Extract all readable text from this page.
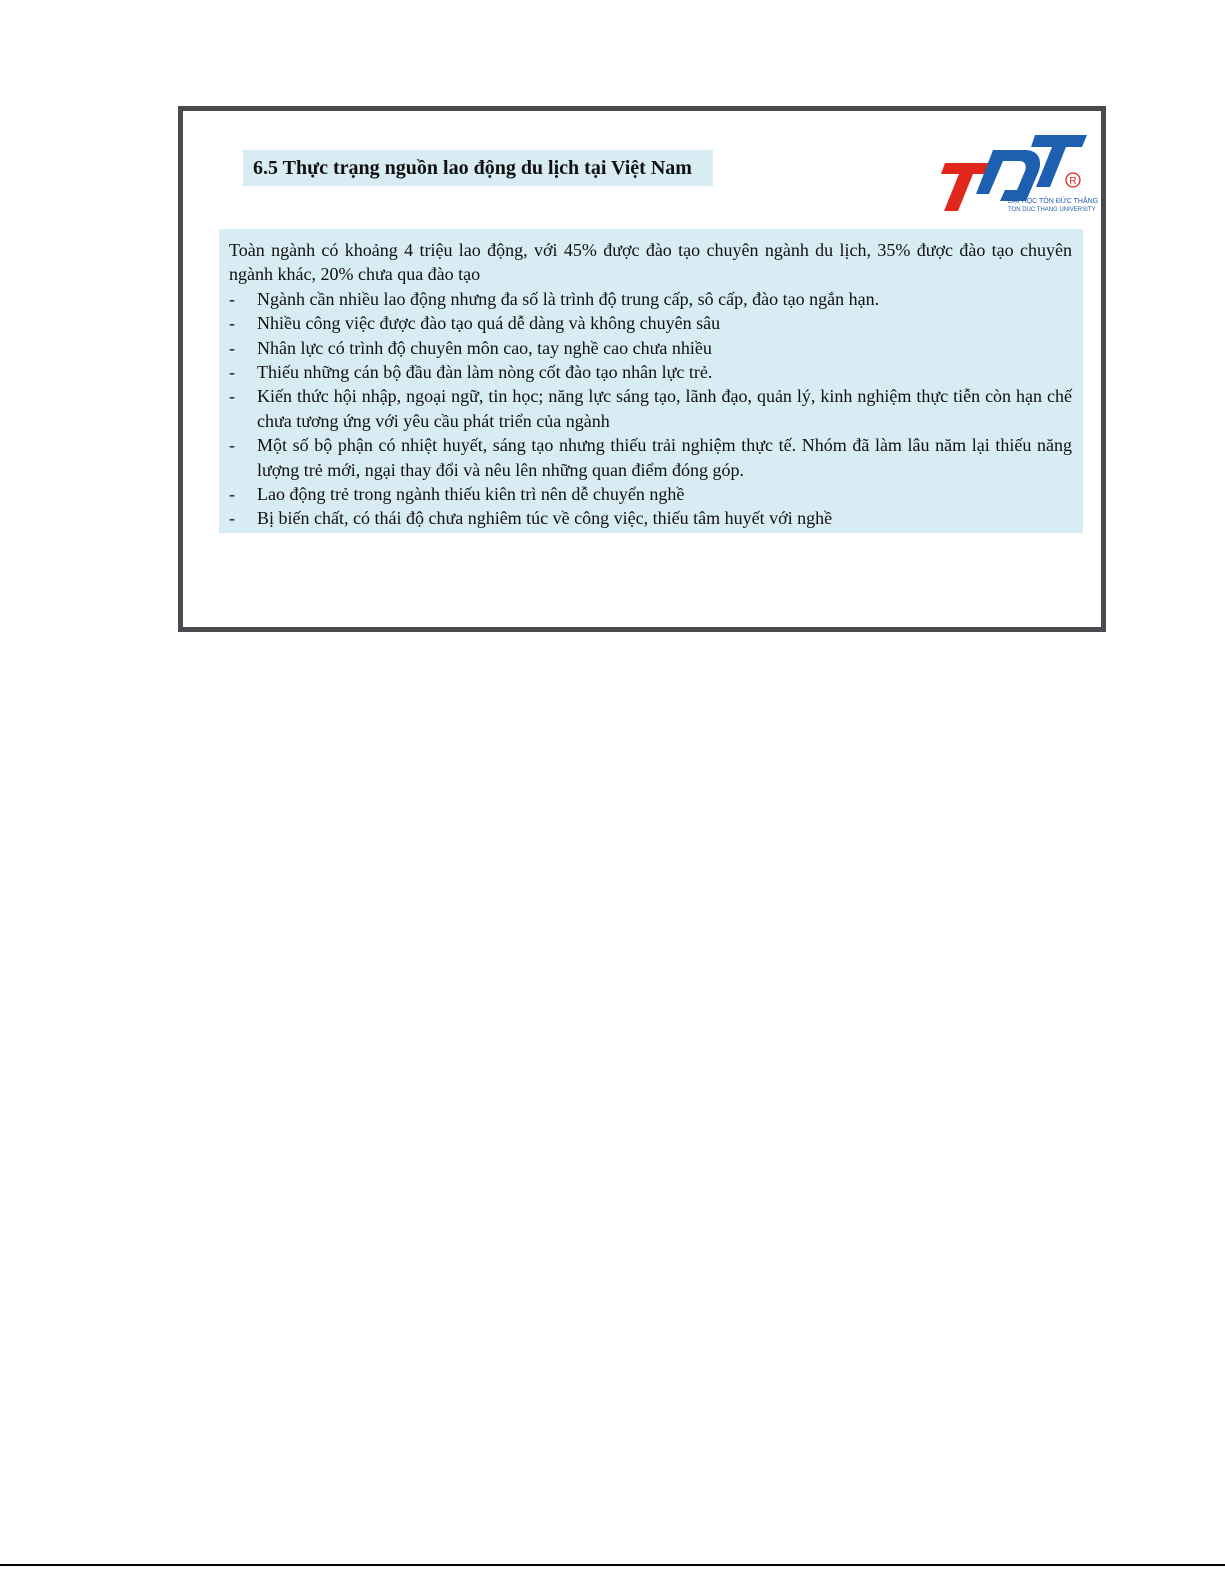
6.5 Thực trạng nguồn lao động du lịch tại Việt Nam
R
ĐẠI HỌC TÔN ĐỨC THẮNG
TON DUC THANG UNIVERSITY

Toàn ngành có khoảng 4 triệu lao động, với 45% được đào tạo chuyên ngành du lịch, 35% được đào tạo chuyên ngành khác, 20% chưa qua đào tạo

- Ngành cần nhiều lao động nhưng đa số là trình độ trung cấp, sô cấp, đào tạo ngắn hạn.
- Nhiều công việc được đào tạo quá dễ dàng và không chuyên sâu
- Nhân lực có trình độ chuyên môn cao, tay nghề cao chưa nhiều
- Thiếu những cán bộ đầu đàn làm nòng cốt đào tạo nhân lực trẻ.
- Kiến thức hội nhập, ngoại ngữ, tin học; năng lực sáng tạo, lãnh đạo, quản lý, kinh nghiệm thực tiễn còn hạn chế chưa tương ứng với yêu cầu phát triển của ngành
- Một số bộ phận có nhiệt huyết, sáng tạo nhưng thiếu trải nghiệm thực tế. Nhóm đã làm lâu năm lại thiếu năng lượng trẻ mới, ngại thay đổi và nêu lên những quan điểm đóng góp.
- Lao động trẻ trong ngành thiếu kiên trì nên dễ chuyển nghề
- Bị biến chất, có thái độ chưa nghiêm túc về công việc, thiếu tâm huyết với nghề
